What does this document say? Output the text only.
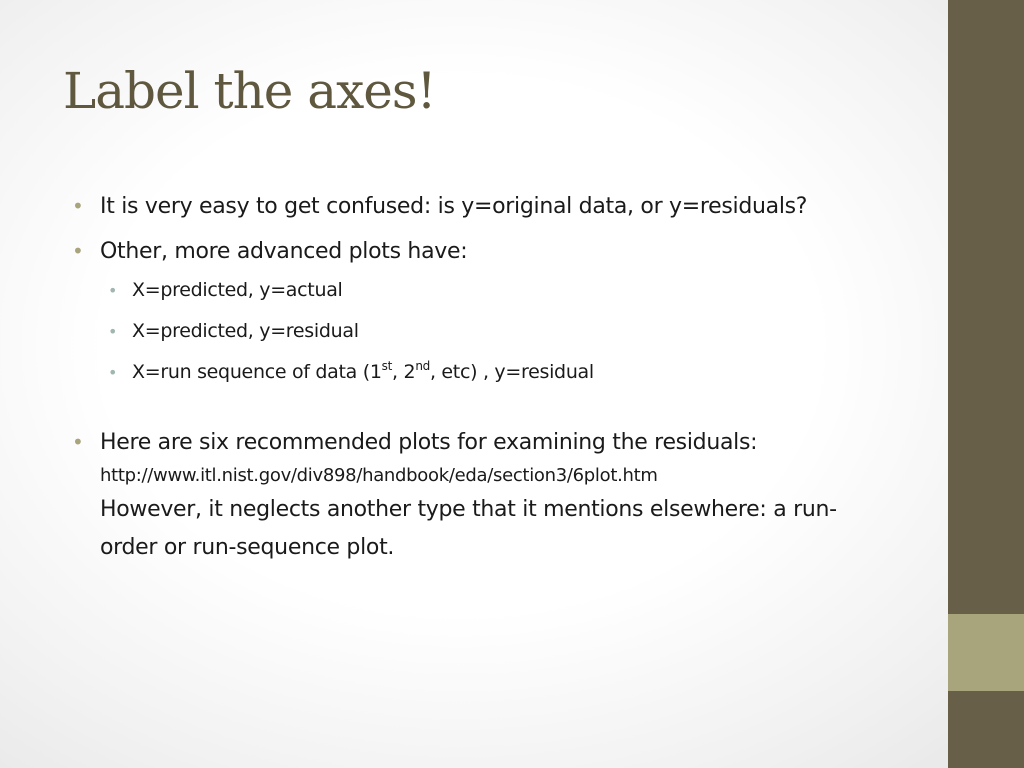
Label the axes!
• It is very easy to get confused: is y=original data, or y=residuals?
• Other, more advanced plots have:
• X=predicted, y=actual
• X=predicted, y=residual
• X=run sequence of data (1st, 2nd, etc) , y=residual
• Here are six recommended plots for examining the residuals:
http://www.itl.nist.gov/div898/handbook/eda/section3/6plot.htm
However, it neglects another type that it mentions elsewhere: a run-order or run-sequence plot.
